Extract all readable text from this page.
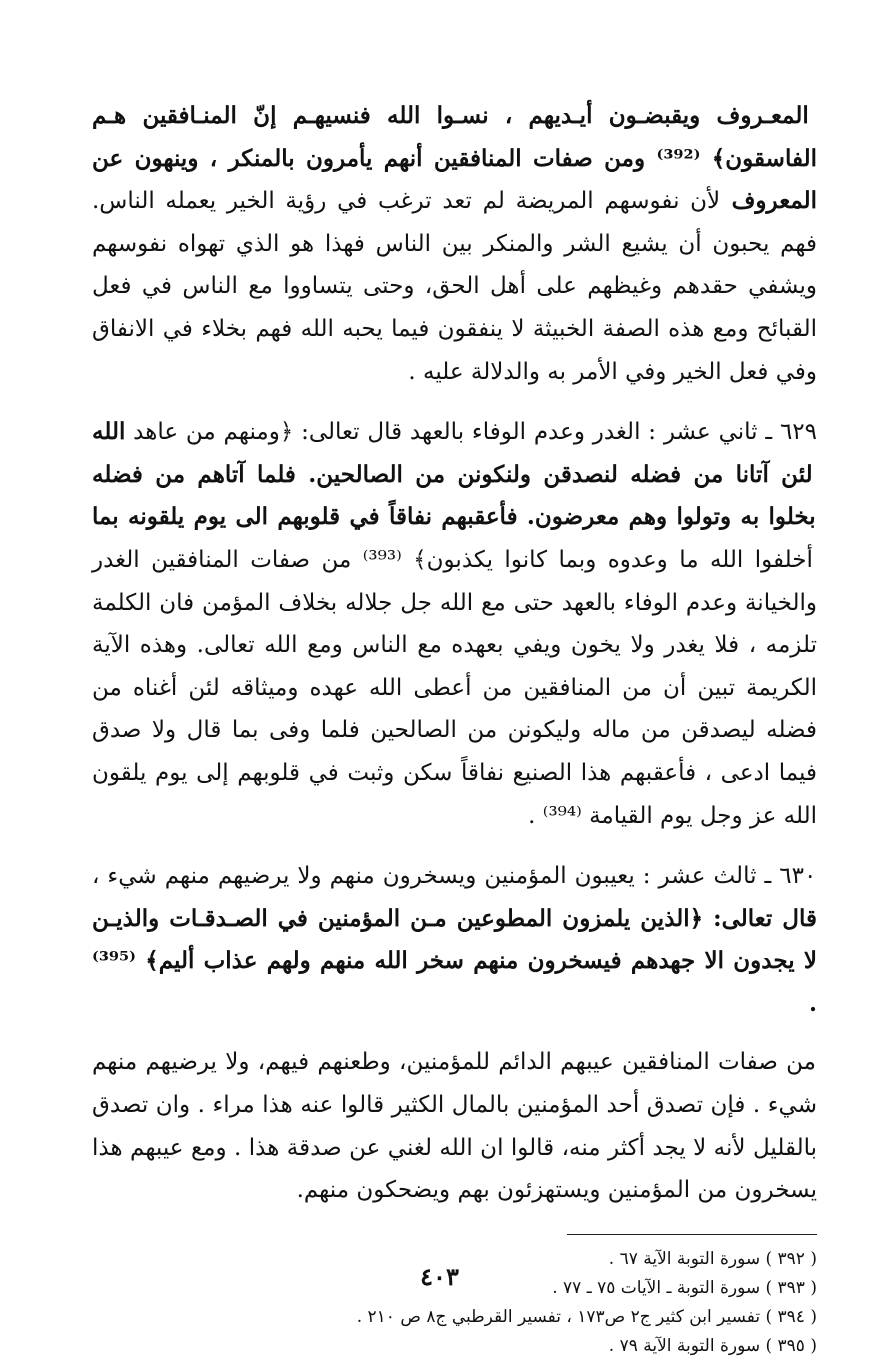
المعـروف ويقبضـون أيـديهم ، نسـوا الله فنسيهـم إنّ المنـافقين هـم الفاسقون﴾ ⁽³⁹²⁾ ومن صفات المنافقين أنهم يأمرون بالمنكر ، وينهون عن المعروف لأن نفوسهم المريضة لم تعد ترغب في رؤية الخير يعمله الناس. فهم يحبون أن يشيع الشر والمنكر بين الناس فهذا هو الذي تهواه نفوسهم ويشفي حقدهم وغيظهم على أهل الحق، وحتى يتساووا مع الناس في فعل القبائح ومع هذه الصفة الخبيثة لا ينفقون فيما يحبه الله فهم بخلاء في الانفاق وفي فعل الخير وفي الأمر به والدلالة عليه .

٦٢٩ ـ ثاني عشر : الغدر وعدم الوفاء بالعهد قال تعالى: ﴿ومنهم من عاهد الله لئن آتانا من فضله لنصدقن ولنكونن من الصالحين. فلما آتاهم من فضله بخلوا به وتولوا وهم معرضون. فأعقبهم نفاقاً في قلوبهم الى يوم يلقونه بما أخلفوا الله ما وعدوه وبما كانوا يكذبون﴾ ⁽³⁹³⁾ من صفات المنافقين الغدر والخيانة وعدم الوفاء بالعهد حتى مع الله جل جلاله بخلاف المؤمن فان الكلمة تلزمه ، فلا يغدر ولا يخون ويفي بعهده مع الناس ومع الله تعالى. وهذه الآية الكريمة تبين أن من المنافقين من أعطى الله عهده وميثاقه لئن أغناه من فضله ليصدقن من ماله وليكونن من الصالحين فلما وفى بما قال ولا صدق فيما ادعى ، فأعقبهم هذا الصنيع نفاقاً سكن وثبت في قلوبهم إلى يوم يلقون الله عز وجل يوم القيامة ⁽³⁹⁴⁾ .

٦٣٠ ـ ثالث عشر : يعيبون المؤمنين ويسخرون منهم ولا يرضيهم منهم شيء ، قال تعالى: ﴿الذين يلمزون المطوعين مـن المؤمنين في الصـدقـات والذيـن لا يجدون الا جهدهم فيسخرون منهم سخر الله منهم ولهم عذاب أليم﴾ ⁽³⁹⁵⁾ .

من صفات المنافقين عيبهم الدائم للمؤمنين، وطعنهم فيهم، ولا يرضيهم منهم شيء . فإن تصدق أحد المؤمنين بالمال الكثير قالوا عنه هذا مراء . وان تصدق بالقليل لأنه لا يجد أكثر منه، قالوا ان الله لغني عن صدقة هذا . ومع عيبهم هذا يسخرون من المؤمنين ويستهزئون بهم ويضحكون منهم.

( ٣٩٢ ) سورة التوبة الآية ٦٧ .
( ٣٩٣ ) سورة التوبة ـ الآيات ٧٥ ـ ٧٧ .
( ٣٩٤ ) تفسير ابن كثير ج٢ ص١٧٣ ، تفسير القرطبي ج٨ ص ٢١٠ .
( ٣٩٥ ) سورة التوبة الآية ٧٩ .
٤٠٣
